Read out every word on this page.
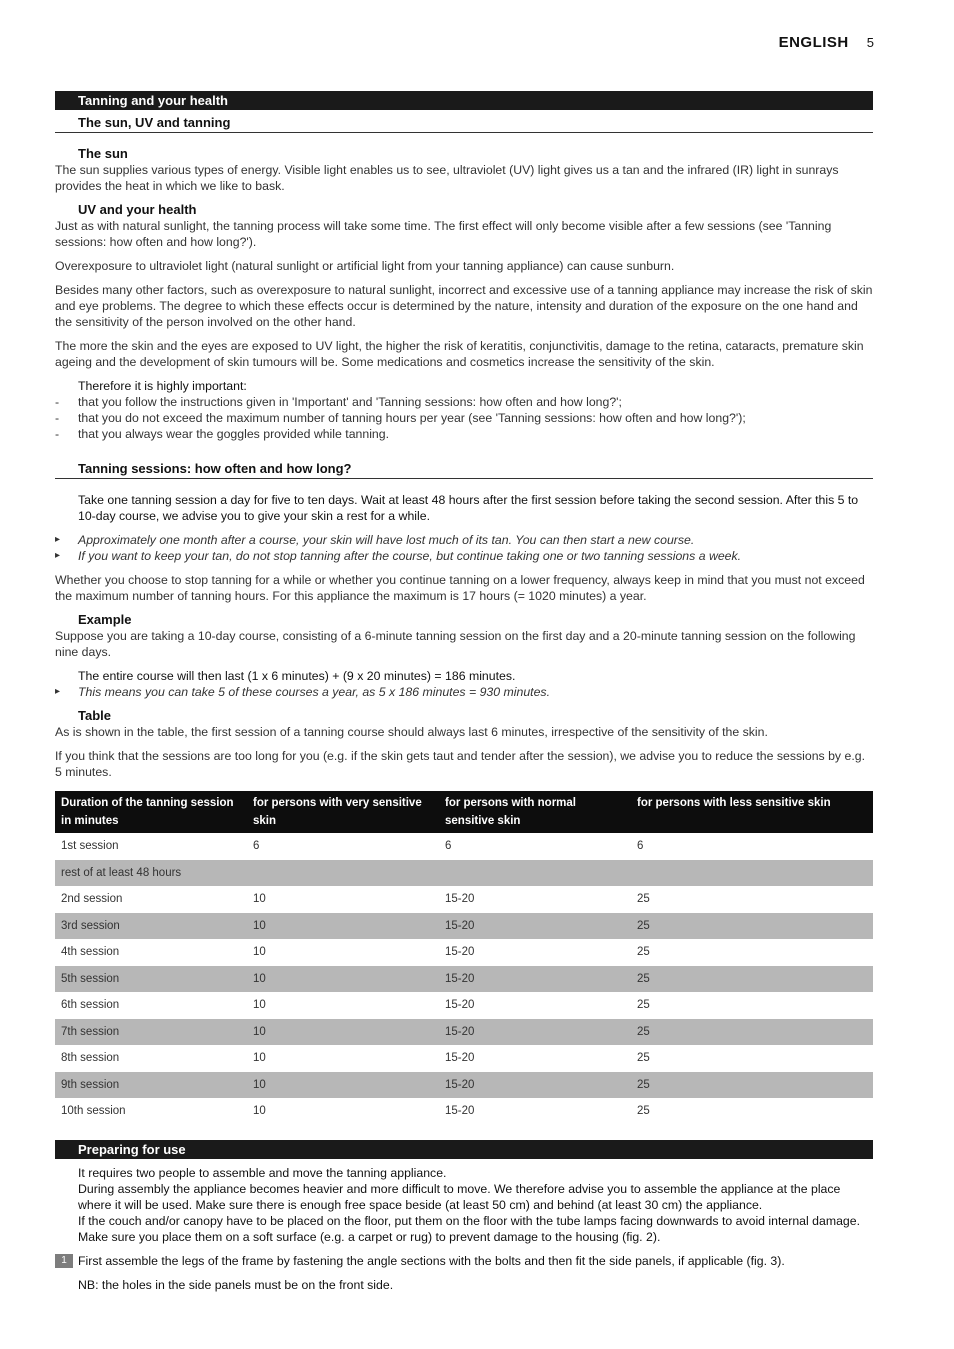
ENGLISH 5
Tanning and your health
The sun, UV and tanning
The sun

The sun supplies various types of energy. Visible light enables us to see, ultraviolet (UV) light gives us a tan and the infrared (IR) light in sunrays provides the heat in which we like to bask.

UV and your health

Just as with natural sunlight, the tanning process will take some time. The first effect will only become visible after a few sessions (see 'Tanning sessions: how often and how long?').

Overexposure to ultraviolet light (natural sunlight or artificial light from your tanning appliance) can cause sunburn.

Besides many other factors, such as overexposure to natural sunlight, incorrect and excessive use of a tanning appliance may increase the risk of skin and eye problems. The degree to which these effects occur is determined by the nature, intensity and duration of the exposure on the one hand and the sensitivity of the person involved on the other hand.

The more the skin and the eyes are exposed to UV light, the higher the risk of keratitis, conjunctivitis, damage to the retina, cataracts, premature skin ageing and the development of skin tumours will be. Some medications and cosmetics increase the sensitivity of the skin.

Therefore it is highly important:

- that you follow the instructions given in 'Important' and 'Tanning sessions: how often and how long?';
- that you do not exceed the maximum number of tanning hours per year (see 'Tanning sessions: how often and how long?');
- that you always wear the goggles provided while tanning.
Tanning sessions: how often and how long?

Take one tanning session a day for five to ten days. Wait at least 48 hours after the first session before taking the second session. After this 5 to 10-day course, we advise you to give your skin a rest for a while.

▸ Approximately one month after a course, your skin will have lost much of its tan. You can then start a new course.
▸ If you want to keep your tan, do not stop tanning after the course, but continue taking one or two tanning sessions a week.

Whether you choose to stop tanning for a while or whether you continue tanning on a lower frequency, always keep in mind that you must not exceed the maximum number of tanning hours. For this appliance the maximum is 17 hours (= 1020 minutes) a year.

Example

Suppose you are taking a 10-day course, consisting of a 6-minute tanning session on the first day and a 20-minute tanning session on the following nine days.

The entire course will then last (1 x 6 minutes) + (9 x 20 minutes) = 186 minutes.

▸ This means you can take 5 of these courses a year, as 5 x 186 minutes = 930 minutes.
Table

As is shown in the table, the first session of a tanning course should always last 6 minutes, irrespective of the sensitivity of the skin.

If you think that the sessions are too long for you (e.g. if the skin gets taut and tender after the session), we advise you to reduce the sessions by e.g. 5 minutes.

Duration of the tanning session in minutes	for persons with very sensitive skin	for persons with normal sensitive skin	for persons with less sensitive skin
1st session	6	6	6
rest of at least 48 hours			
2nd session	10	15-20	25
3rd session	10	15-20	25
4th session	10	15-20	25
5th session	10	15-20	25
6th session	10	15-20	25
7th session	10	15-20	25
8th session	10	15-20	25
9th session	10	15-20	25
10th session	10	15-20	25
Preparing for use

It requires two people to assemble and move the tanning appliance.

During assembly the appliance becomes heavier and more difficult to move. We therefore advise you to assemble the appliance at the place where it will be used. Make sure there is enough free space beside (at least 50 cm) and behind (at least 30 cm) the appliance.

If the couch and/or canopy have to be placed on the floor, put them on the floor with the tube lamps facing downwards to avoid internal damage. Make sure you place them on a soft surface (e.g. a carpet or rug) to prevent damage to the housing (fig. 2).

1 First assemble the legs of the frame by fastening the angle sections with the bolts and then fit the side panels, if applicable (fig. 3).

NB: the holes in the side panels must be on the front side.
